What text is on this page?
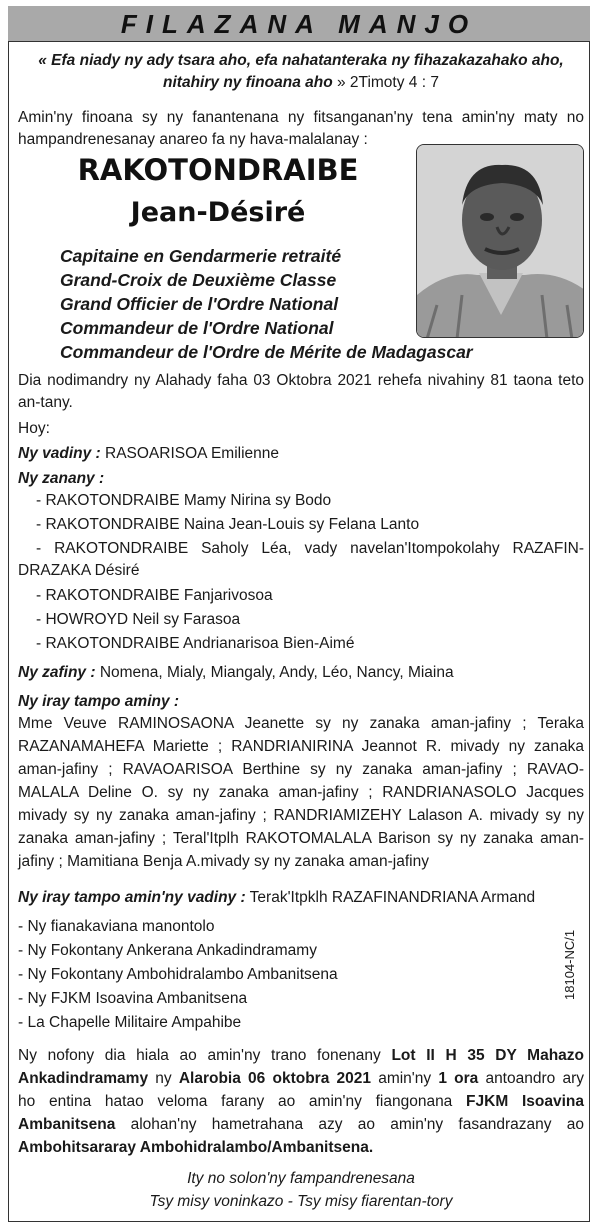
FILAZANA MANJO
« Efa niady ny ady tsara aho, efa nahatanteraka ny fihazakazahako aho,
nitahiry ny finoana aho » 2Timoty 4 : 7
Amin'ny finoana sy ny fanantenana ny fitsanganan'ny tena amin'ny maty no
hampandrenesanay anareo fa ny hava-malalanay :
RAKOTONDRAIBE
Jean-Désiré
Capitaine en Gendarmerie retraité
Grand-Croix de Deuxième Classe
Grand Officier de l'Ordre National
Commandeur de l'Ordre National
Commandeur de l'Ordre de Mérite de Madagascar
Dia nodimandry ny Alahady faha 03 Oktobra 2021 rehefa nivahiny 81 taona teto
an-tany.
Hoy:
Ny vadiny : RASOARISOA Emilienne
Ny zanany :
- RAKOTONDRAIBE Mamy Nirina sy Bodo
- RAKOTONDRAIBE Naina Jean-Louis sy Felana Lanto
- RAKOTONDRAIBE Saholy Léa, vady navelan'Itompokolahy RAZAFIN-
DRAZAKA Désiré
- RAKOTONDRAIBE Fanjarivosoa
- HOWROYD Neil sy Farasoa
- RAKOTONDRAIBE Andrianarisoa Bien-Aimé
Ny zafiny : Nomena, Mialy, Miangaly, Andy, Léo, Nancy, Miaina
Ny iray tampo aminy :
Mme Veuve RAMINOSAONA Jeanette sy ny zanaka aman-jafiny ; Teraka
RAZANAMAHEFA Mariette ; RANDRIANIRINA Jeannot R. mivady ny zanaka
aman-jafiny ; RAVAOARISOA Berthine sy ny zanaka aman-jafiny ; RAVAO-
MALALA Deline O. sy ny zanaka aman-jafiny ; RANDRIANASOLO Jacques
mivady sy ny zanaka aman-jafiny ; RANDRIAMIZEHY Lalason A. mivady sy ny
zanaka aman-jafiny ; Teral'Itplh RAKOTOMALALA Barison sy ny zanaka aman-
jafiny ; Mamitiana Benja A.mivady sy ny zanaka aman-jafiny
Ny iray tampo amin'ny vadiny : Terak'Itpklh RAZAFINANDRIANA Armand
- Ny fianakaviana manontolo
- Ny Fokontany Ankerana Ankadindramamy
- Ny Fokontany Ambohidralambo Ambanitsena
- Ny FJKM Isoavina Ambanitsena
- La Chapelle Militaire Ampahibe
18104-NC/1
Ny nofony dia hiala ao amin'ny trano fonenany Lot II H 35 DY Mahazo
Ankadindramamy ny Alarobia 06 oktobra 2021 amin'ny 1 ora antoandro ary
ho entina hatao veloma farany ao amin'ny fiangonana FJKM Isoavina
Ambanitsena alohan'ny hametrahana azy ao amin'ny fasandrazany ao
Ambohitsararay Ambohidralambo/Ambanitsena.
Ity no solon'ny fampandrenesana
Tsy misy voninkazo - Tsy misy fiarentan-tory
